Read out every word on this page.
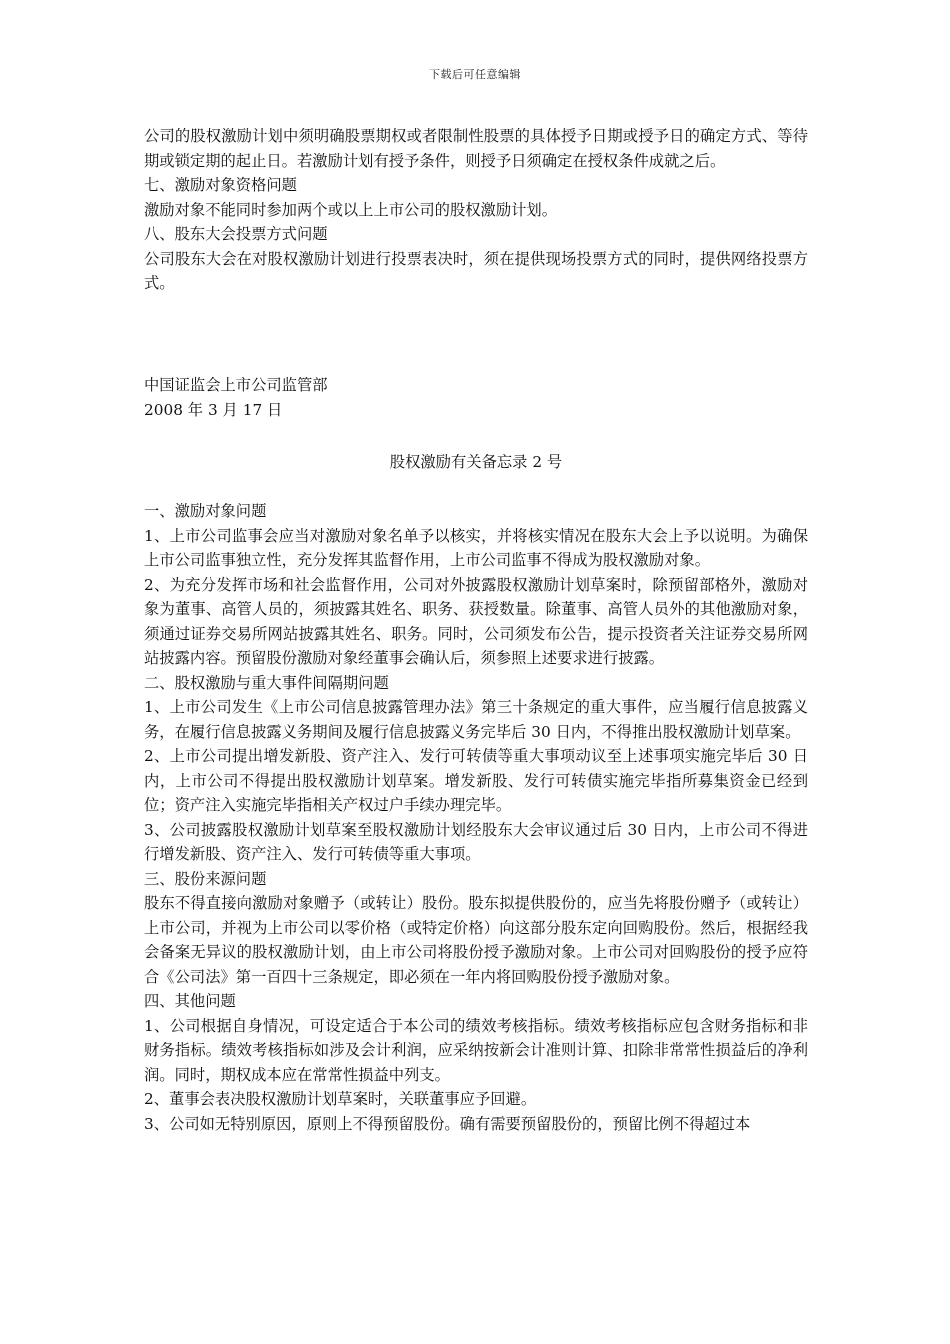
下载后可任意编辑

公司的股权激励计划中须明确股票期权或者限制性股票的具体授予日期或授予日的确定方式、等待期或锁定期的起止日。若激励计划有授予条件，则授予日须确定在授权条件成就之后。

七、激励对象资格问题

激励对象不能同时参加两个或以上上市公司的股权激励计划。

八、股东大会投票方式问题

公司股东大会在对股权激励计划进行投票表决时，须在提供现场投票方式的同时，提供网络投票方式。

中国证监会上市公司监管部
2008 年 3 月 17 日
股权激励有关备忘录 2 号
一、激励对象问题

1、上市公司监事会应当对激励对象名单予以核实，并将核实情况在股东大会上予以说明。为确保上市公司监事独立性，充分发挥其监督作用，上市公司监事不得成为股权激励对象。

2、为充分发挥市场和社会监督作用，公司对外披露股权激励计划草案时，除预留部格外，激励对象为董事、高管人员的，须披露其姓名、职务、获授数量。除董事、高管人员外的其他激励对象，须通过证券交易所网站披露其姓名、职务。同时，公司须发布公告，提示投资者关注证券交易所网站披露内容。预留股份激励对象经董事会确认后，须参照上述要求进行披露。

二、股权激励与重大事件间隔期问题

1、上市公司发生《上市公司信息披露管理办法》第三十条规定的重大事件，应当履行信息披露义务，在履行信息披露义务期间及履行信息披露义务完毕后 30 日内，不得推出股权激励计划草案。

2、上市公司提出增发新股、资产注入、发行可转债等重大事项动议至上述事项实施完毕后 30 日内，上市公司不得提出股权激励计划草案。增发新股、发行可转债实施完毕指所募集资金已经到位；资产注入实施完毕指相关产权过户手续办理完毕。

3、公司披露股权激励计划草案至股权激励计划经股东大会审议通过后 30 日内，上市公司不得进行增发新股、资产注入、发行可转债等重大事项。

三、股份来源问题

股东不得直接向激励对象赠予（或转让）股份。股东拟提供股份的，应当先将股份赠予（或转让）上市公司，并视为上市公司以零价格（或特定价格）向这部分股东定向回购股份。然后，根据经我会备案无异议的股权激励计划，由上市公司将股份授予激励对象。上市公司对回购股份的授予应符合《公司法》第一百四十三条规定，即必须在一年内将回购股份授予激励对象。

四、其他问题

1、公司根据自身情况，可设定适合于本公司的绩效考核指标。绩效考核指标应包含财务指标和非财务指标。绩效考核指标如涉及会计利润，应采纳按新会计准则计算、扣除非常常性损益后的净利润。同时，期权成本应在常常性损益中列支。

2、董事会表决股权激励计划草案时，关联董事应予回避。

3、公司如无特别原因，原则上不得预留股份。确有需要预留股份的，预留比例不得超过本
